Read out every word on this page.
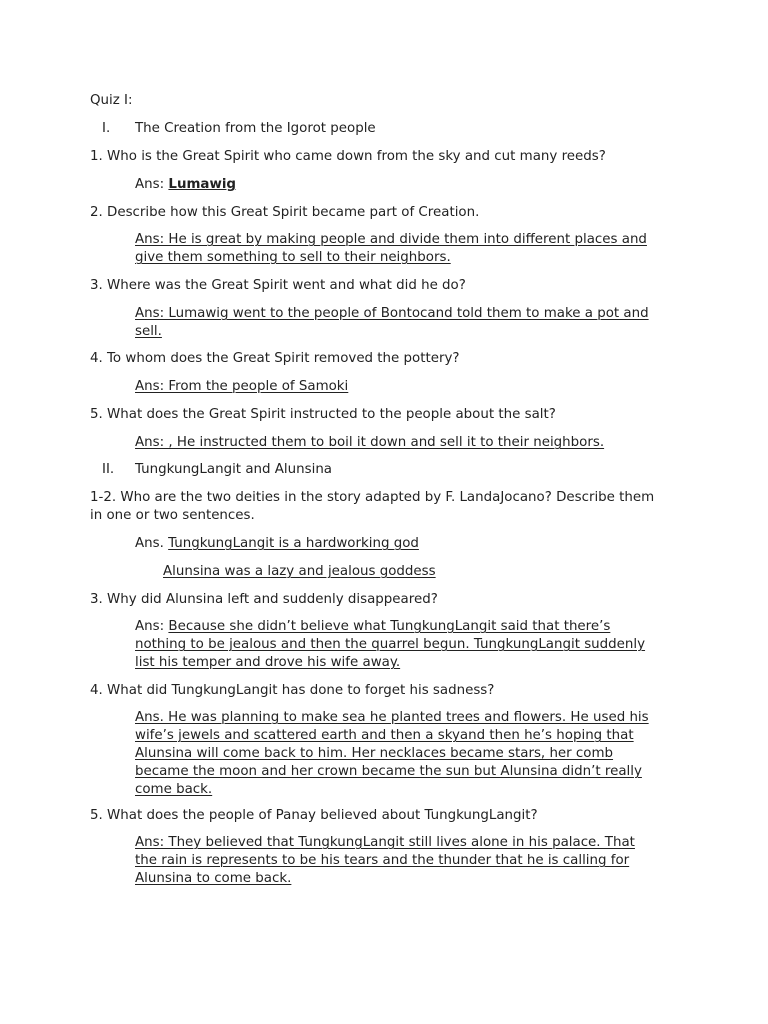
Quiz I:
I. The Creation from the Igorot people
1. Who is the Great Spirit who came down from the sky and cut many reeds?
Ans: Lumawig
2. Describe how this Great Spirit became part of Creation.
Ans: He is great by making people and divide them into different places and
give them something to sell to their neighbors.
3. Where was the Great Spirit went and what did he do?
Ans: Lumawig went to the people of Bontocand told them to make a pot and
sell.
4. To whom does the Great Spirit removed the pottery?
Ans: From the people of Samoki
5. What does the Great Spirit instructed to the people about the salt?
Ans: , He instructed them to boil it down and sell it to their neighbors.
II. TungkungLangit and Alunsina
1-2. Who are the two deities in the story adapted by F. LandaJocano? Describe them
in one or two sentences.
Ans. TungkungLangit is a hardworking god
Alunsina was a lazy and jealous goddess
3. Why did Alunsina left and suddenly disappeared?
Ans: Because she didn’t believe what TungkungLangit said that there’s
nothing to be jealous and then the quarrel begun. TungkungLangit suddenly
list his temper and drove his wife away.
4. What did TungkungLangit has done to forget his sadness?
Ans. He was planning to make sea he planted trees and flowers. He used his
wife’s jewels and scattered earth and then a skyand then he’s hoping that
Alunsina will come back to him. Her necklaces became stars, her comb
became the moon and her crown became the sun but Alunsina didn’t really
come back.
5. What does the people of Panay believed about TungkungLangit?
Ans: They believed that TungkungLangit still lives alone in his palace. That
the rain is represents to be his tears and the thunder that he is calling for
Alunsina to come back.
